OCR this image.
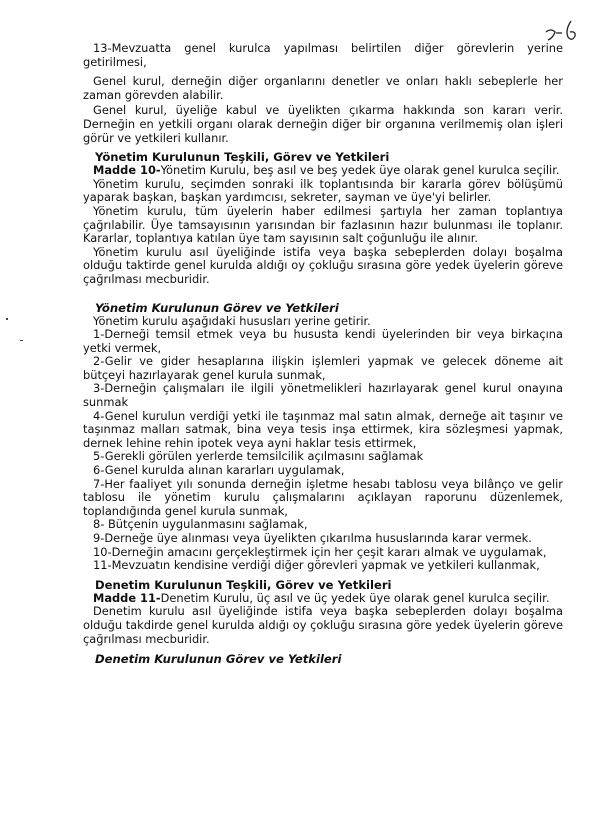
13-Mevzuatta genel kurulca yapılması belirtilen diğer görevlerin yerine getirilmesi,

Genel kurul, derneğin diğer organlarını denetler ve onları haklı sebeplerle her zaman görevden alabilir.

Genel kurul, üyeliğe kabul ve üyelikten çıkarma hakkında son kararı verir. Derneğin en yetkili organı olarak derneğin diğer bir organına verilmemiş olan işleri görür ve yetkileri kullanır.

Yönetim Kurulunun Teşkili, Görev ve Yetkileri

Madde 10-Yönetim Kurulu, beş asıl ve beş yedek üye olarak genel kurulca seçilir.

Yönetim kurulu, seçimden sonraki ilk toplantısında bir kararla görev bölüşümü yaparak başkan, başkan yardımcısı, sekreter, sayman ve üye'yi belirler.

Yönetim kurulu, tüm üyelerin haber edilmesi şartıyla her zaman toplantıya çağrılabilir. Üye tamsayısının yarısından bir fazlasının hazır bulunması ile toplanır. Kararlar, toplantıya katılan üye tam sayısının salt çoğunluğu ile alınır.

Yönetim kurulu asıl üyeliğinde istifa veya başka sebeplerden dolayı boşalma olduğu taktirde genel kurulda aldığı oy çokluğu sırasına göre yedek üyelerin göreve çağrılması mecburidir.

Yönetim Kurulunun Görev ve Yetkileri

Yönetim kurulu aşağıdaki hususları yerine getirir.

1-Derneği temsil etmek veya bu hususta kendi üyelerinden bir veya birkaçına yetki vermek,

2-Gelir ve gider hesaplarına ilişkin işlemleri yapmak ve gelecek döneme ait bütçeyi hazırlayarak genel kurula sunmak,

3-Derneğin çalışmaları ile ilgili yönetmelikleri hazırlayarak genel kurul onayına sunmak

4-Genel kurulun verdiği yetki ile taşınmaz mal satın almak, derneğe ait taşınır ve taşınmaz malları satmak, bina veya tesis inşa ettirmek, kira sözleşmesi yapmak, dernek lehine rehin ipotek veya ayni haklar tesis ettirmek,

5-Gerekli görülen yerlerde temsilcilik açılmasını sağlamak

6-Genel kurulda alınan kararları uygulamak,

7-Her faaliyet yılı sonunda derneğin işletme hesabı tablosu veya bilânço ve gelir tablosu ile yönetim kurulu çalışmalarını açıklayan raporunu düzenlemek, toplandığında genel kurula sunmak,

8- Bütçenin uygulanmasını sağlamak,

9-Derneğe üye alınması veya üyelikten çıkarılma hususlarında karar vermek.

10-Derneğin amacını gerçekleştirmek için her çeşit kararı almak ve uygulamak,

11-Mevzuatın kendisine verdiği diğer görevleri yapmak ve yetkileri kullanmak,

Denetim Kurulunun Teşkili, Görev ve Yetkileri

Madde 11-Denetim Kurulu, üç asıl ve üç yedek üye olarak genel kurulca seçilir.

Denetim kurulu asıl üyeliğinde istifa veya başka sebeplerden dolayı boşalma olduğu takdirde genel kurulda aldığı oy çokluğu sırasına göre yedek üyelerin göreve çağrılması mecburidir.

Denetim Kurulunun Görev ve Yetkileri
